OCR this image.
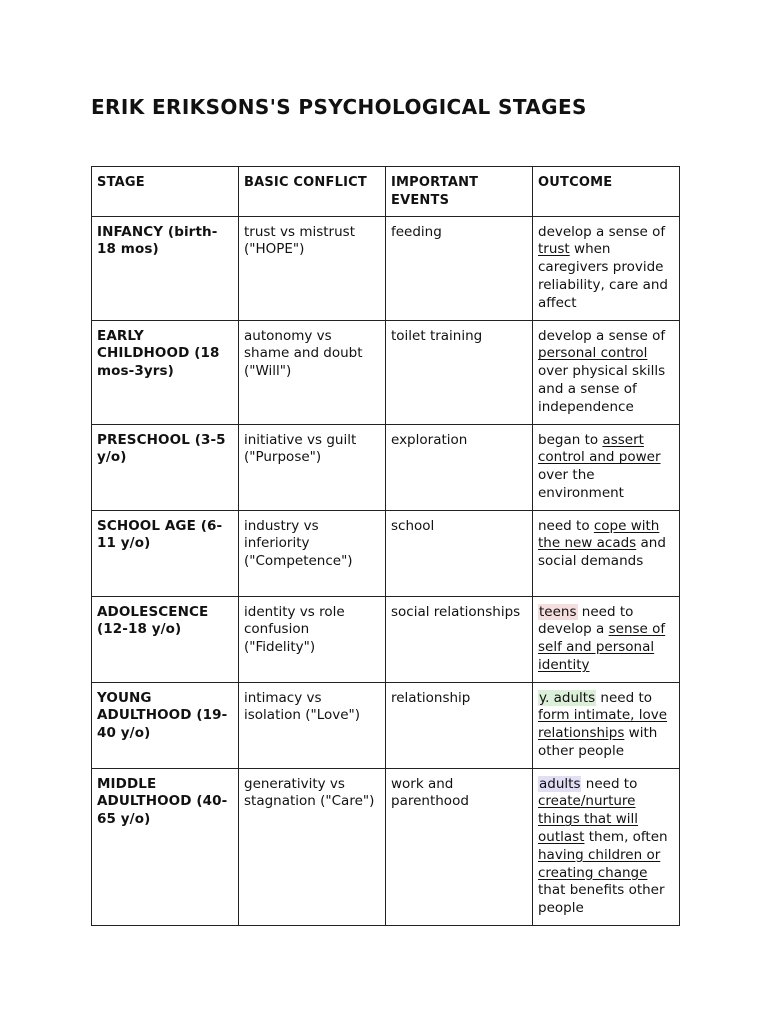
ERIK ERIKSONS'S PSYCHOLOGICAL STAGES
STAGE	BASIC CONFLICT	IMPORTANT EVENTS	OUTCOME
INFANCY (birth-18 mos)	trust vs mistrust ("HOPE")	feeding	develop a sense of trust when caregivers provide reliability, care and affect
EARLY CHILDHOOD (18 mos-3yrs)	autonomy vs shame and doubt ("Will")	toilet training	develop a sense of personal control over physical skills and a sense of independence
PRESCHOOL (3-5 y/o)	initiative vs guilt ("Purpose")	exploration	began to assert control and power over the environment
SCHOOL AGE (6-11 y/o)	industry vs inferiority ("Competence")	school	need to cope with the new acads and social demands
ADOLESCENCE (12-18 y/o)	identity vs role confusion ("Fidelity")	social relationships	teens need to develop a sense of self and personal identity
YOUNG ADULTHOOD (19-40 y/o)	intimacy vs isolation ("Love")	relationship	y. adults need to form intimate, love relationships with other people
MIDDLE ADULTHOOD (40-65 y/o)	generativity vs stagnation ("Care")	work and parenthood	adults need to create/nurture things that will outlast them, often having children or creating change that benefits other people
